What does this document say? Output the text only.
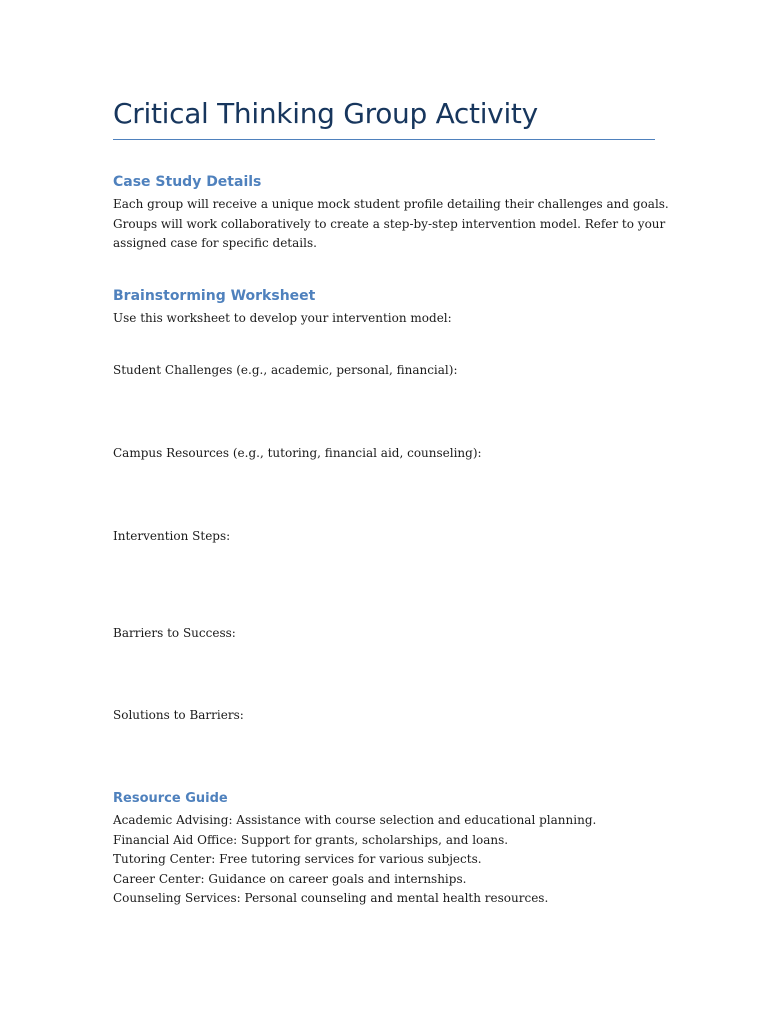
Critical Thinking Group Activity
Case Study Details
Each group will receive a unique mock student profile detailing their challenges and goals.
Groups will work collaboratively to create a step-by-step intervention model. Refer to your
assigned case for specific details.
Brainstorming Worksheet

Use this worksheet to develop your intervention model:

Student Challenges (e.g., academic, personal, financial):

Campus Resources (e.g., tutoring, financial aid, counseling):

Intervention Steps:

Barriers to Success:

Solutions to Barriers:

Resource Guide
Academic Advising: Assistance with course selection and educational planning.
Financial Aid Office: Support for grants, scholarships, and loans.
Tutoring Center: Free tutoring services for various subjects.
Career Center: Guidance on career goals and internships.
Counseling Services: Personal counseling and mental health resources.
